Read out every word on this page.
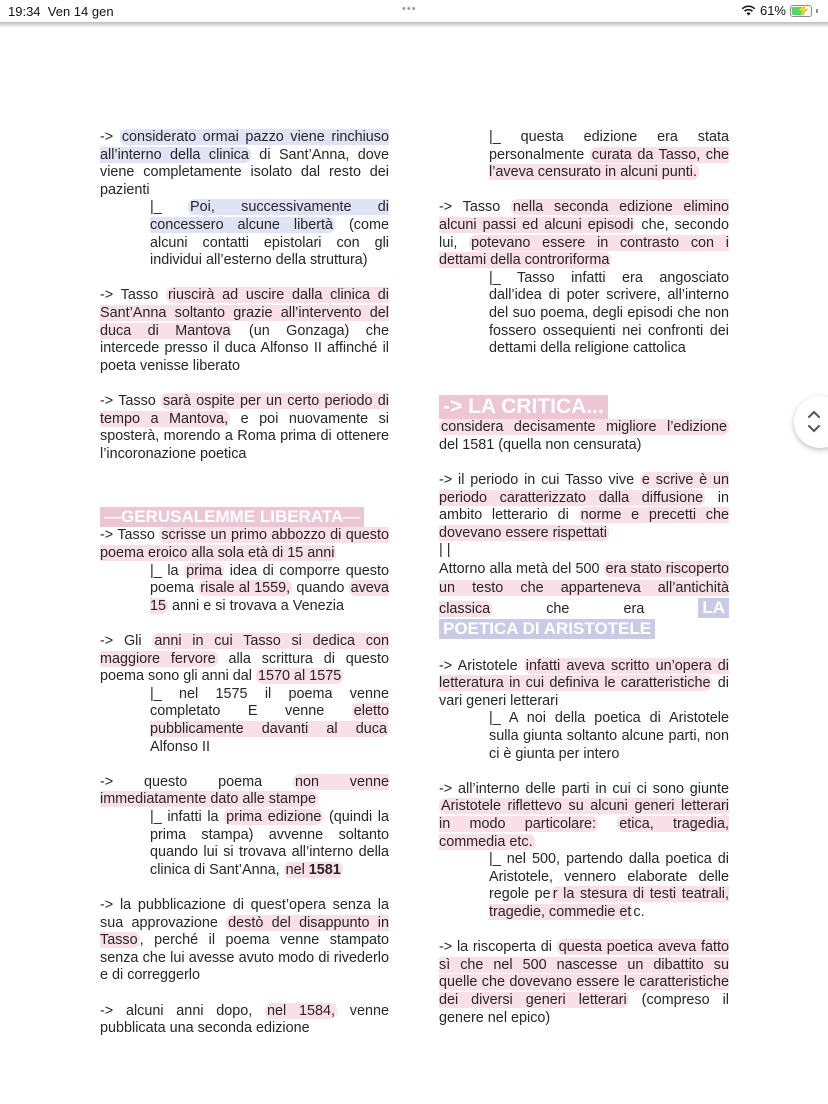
19:34 Ven 14 gen	•••	61% ⚡

-> considerato ormai pazzo viene rinchiuso all’interno della clinica di Sant’Anna, dove viene completamente isolato dal resto dei pazienti

|_ Poi, successivamente di concessero alcune libertà (come alcuni contatti epistolari con gli individui all’esterno della struttura)

-> Tasso riuscirà ad uscire dalla clinica di Sant’Anna soltanto grazie all’intervento del duca di Mantova (un Gonzaga) che intercede presso il duca Alfonso II affinché il poeta venisse liberato

-> Tasso sarà ospite per un certo periodo di tempo a Mantova, e poi nuovamente si sposterà, morendo a Roma prima di ottenere l’incoronazione poetica

—GERUSALEMME LIBERATA—

-> Tasso scrisse un primo abbozzo di questo poema eroico alla sola età di 15 anni

|_ la prima idea di comporre questo poema risale al 1559, quando aveva 15 anni e si trovava a Venezia

-> Gli anni in cui Tasso si dedica con maggiore fervore alla scrittura di questo poema sono gli anni dal 1570 al 1575

|_ nel 1575 il poema venne completato E venne eletto pubblicamente davanti al duca Alfonso II

-> questo poema non venne immediatamente dato alle stampe

|_ infatti la prima edizione (quindi la prima stampa) avvenne soltanto quando lui si trovava all’interno della clinica di Sant’Anna, nel 1581

-> la pubblicazione di quest’opera senza la sua approvazione destò del disappunto in Tasso , perché il poema venne stampato senza che lui avesse avuto modo di rivederlo e di correggerlo

-> alcuni anni dopo, nel 1584, venne pubblicata una seconda edizione

|_ questa edizione era stata personalmente curata da Tasso, che l’aveva censurato in alcuni punti.

-> Tasso nella seconda edizione elimino alcuni passi ed alcuni episodi che, secondo lui, potevano essere in contrasto con i dettami della controriforma

|_ Tasso infatti era angosciato dall’idea di poter scrivere, all’interno del suo poema, degli episodi che non fossero ossequienti nei confronti dei dettami della religione cattolica

-> LA CRITICA...

considera decisamente migliore l’edizione del 1581 (quella non censurata)

-> il periodo in cui Tasso vive e scrive è un periodo caratterizzato dalla diffusione in ambito letterario di norme e precetti che dovevano essere rispettati

| |

Attorno alla metà del 500 era stato riscoperto un testo che apparteneva all’antichità classica che era LA POETICA DI ARISTOTELE

-> Aristotele infatti aveva scritto un’opera di letteratura in cui definiva le caratteristiche di vari generi letterari

|_ A noi della poetica di Aristotele sulla giunta soltanto alcune parti, non ci è giunta per intero

-> all’interno delle parti in cui ci sono giunte Aristotele riflettevo su alcuni generi letterari in modo particolare: etica, tragedia, commedia etc.

|_ nel 500, partendo dalla poetica di Aristotele, vennero elaborate delle regole pe r la stesura di testi teatrali, tragedie, commedie et c.

-> la riscoperta di questa poetica aveva fatto sì che nel 500 nascesse un dibattito su quelle che dovevano essere le caratteristiche dei diversi generi letterari (compreso il genere nel epico)
